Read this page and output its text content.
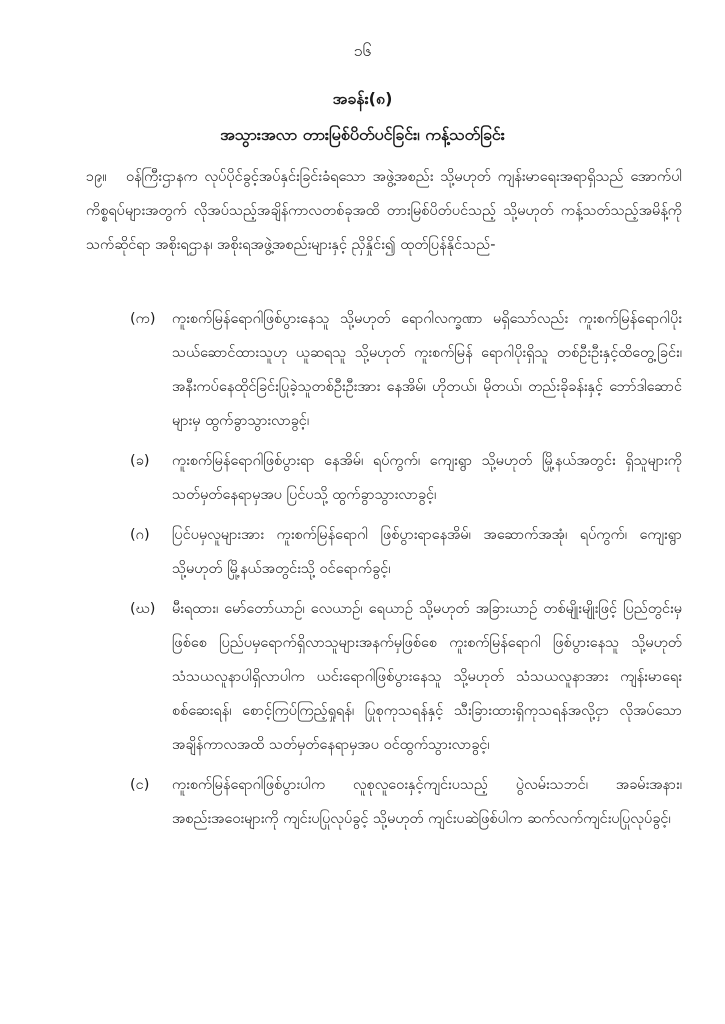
၁၆
အခန်း(၈)
အသွားအလာ တားမြစ်ပိတ်ပင်ခြင်း၊ ကန့်သတ်ခြင်း
၁၉။ ဝန်ကြီးဌာနက လုပ်ပိုင်ခွင့်အပ်နှင်းခြင်းခံရသော အဖွဲ့အစည်း သို့မဟုတ် ကျန်းမာရေးအရာရှိသည် အောက်ပါကိစ္စရပ်များအတွက် လိုအပ်သည့်အချိန်ကာလတစ်ခုအထိ တားမြစ်ပိတ်ပင်သည့် သို့မဟုတ် ကန့်သတ်သည့်အမိန့်ကို သက်ဆိုင်ရာ အစိုးရဌာန၊ အစိုးရအဖွဲ့အစည်းများနှင့် ညှိနှိုင်း၍ ထုတ်ပြန်နိုင်သည်-
(က)	ကူးစက်မြန်ရောဂါဖြစ်ပွားနေသူ သို့မဟုတ် ရောဂါလက္ခဏာ မရှိသော်လည်း ကူးစက်မြန်ရောဂါပိုး သယ်ဆောင်ထားသူဟု ယူဆရသူ သို့မဟုတ် ကူးစက်မြန် ရောဂါပိုးရှိသူ တစ်ဦးဦးနှင့်ထိတွေ့ခြင်း၊ အနီးကပ်နေထိုင်ခြင်းပြုခဲ့သူတစ်ဦးဦးအား နေအိမ်၊ ဟိုတယ်၊ မိုတယ်၊ တည်းခိုခန်းနှင့် ဘော်ဒါဆောင်များမှ ထွက်ခွာသွားလာခွင့်၊
(ခ)	ကူးစက်မြန်ရောဂါဖြစ်ပွားရာ နေအိမ်၊ ရပ်ကွက်၊ ကျေးရွာ သို့မဟုတ် မြို့နယ်အတွင်း ရှိသူများကို သတ်မှတ်နေရာမှအပ ပြင်ပသို့ ထွက်ခွာသွားလာခွင့်၊
(ဂ)	ပြင်ပမှလူများအား ကူးစက်မြန်ရောဂါ ဖြစ်ပွားရာနေအိမ်၊ အဆောက်အအုံ၊ ရပ်ကွက်၊ ကျေးရွာ သို့မဟုတ် မြို့နယ်အတွင်းသို့ ဝင်ရောက်ခွင့်၊
(ဃ)	မီးရထား၊ မော်တော်ယာဉ်၊ လေယာဉ်၊ ရေယာဉ် သို့မဟုတ် အခြားယာဉ် တစ်မျိုးမျိုးဖြင့် ပြည်တွင်းမှဖြစ်စေ ပြည်ပမှရောက်ရှိလာသူများအနက်မှဖြစ်စေ ကူးစက်မြန်ရောဂါ ဖြစ်ပွားနေသူ သို့မဟုတ် သံသယလူနာပါရှိလာပါက ယင်းရောဂါဖြစ်ပွားနေသူ သို့မဟုတ် သံသယလူနာအား ကျန်းမာရေးစစ်ဆေးရန်၊ စောင့်ကြပ်ကြည့်ရှုရန်၊ ပြုစုကုသရန်နှင့် သီးခြားထားရှိကုသရန်အလို့ငှာ လိုအပ်သော အချိန်ကာလအထိ သတ်မှတ်နေရာမှအပ ဝင်ထွက်သွားလာခွင့်၊
(င)	ကူးစက်မြန်ရောဂါဖြစ်ပွားပါက လူစုလူဝေးနှင့်ကျင်းပသည့် ပွဲလမ်းသဘင်၊ အခမ်းအနား၊ အစည်းအဝေးများကို ကျင်းပပြုလုပ်ခွင့် သို့မဟုတ် ကျင်းပဆဲဖြစ်ပါက ဆက်လက်ကျင်းပပြုလုပ်ခွင့်၊
